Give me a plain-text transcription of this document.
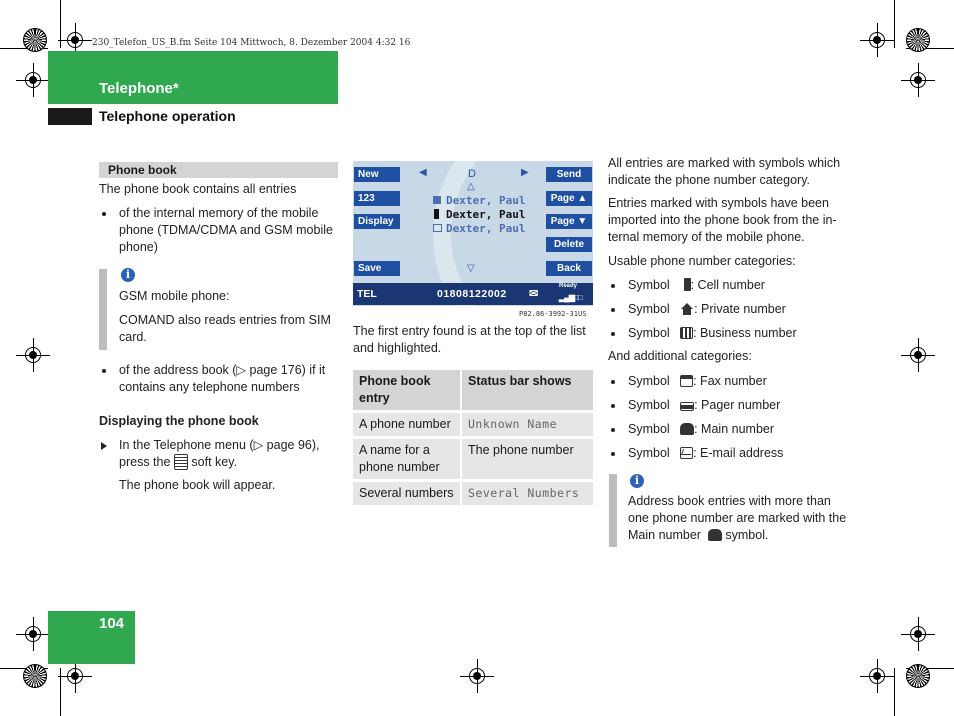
230_Telefon_US_B.fm Seite 104 Mittwoch, 8. Dezember 2004 4:32 16
Telephone*
Telephone operation
104
Phone book
The phone book contains all entries
of the internal memory of the mobile phone (TDMA/CDMA and GSM mobile phone)
i
GSM mobile phone:
COMAND also reads entries from SIM card.
of the address book (▷ page 176) if it contains any telephone numbers
Displaying the phone book
In the Telephone menu (▷ page 96), press the soft key.
The phone book will appear.
New
123
Display
Save
Send
Page ▲
Page ▼
Delete
Back
◀	▶
D
△
▽
Dexter, Paul
Dexter, Paul
Dexter, Paul
TEL	01808122002 ✉
Ready
▂▄▆□□
P82.86-3992-31US
The first entry found is at the top of the list and highlighted.
Phone book entry	Status bar shows
A phone number	Unknown Name
A name for a phone number	The phone number
Several numbers	Several Numbers
All entries are marked with symbols which indicate the phone number category.
Entries marked with symbols have been
imported into the phone book from the in-
ternal memory of the mobile phone.
Usable phone number categories:
Symbol : Cell number
Symbol : Private number
Symbol : Business number
And additional categories:
Symbol : Fax number
Symbol : Pager number
Symbol : Main number
Symbol : E-mail address
i
Address book entries with more than
one phone number are marked with the
Main number symbol.
